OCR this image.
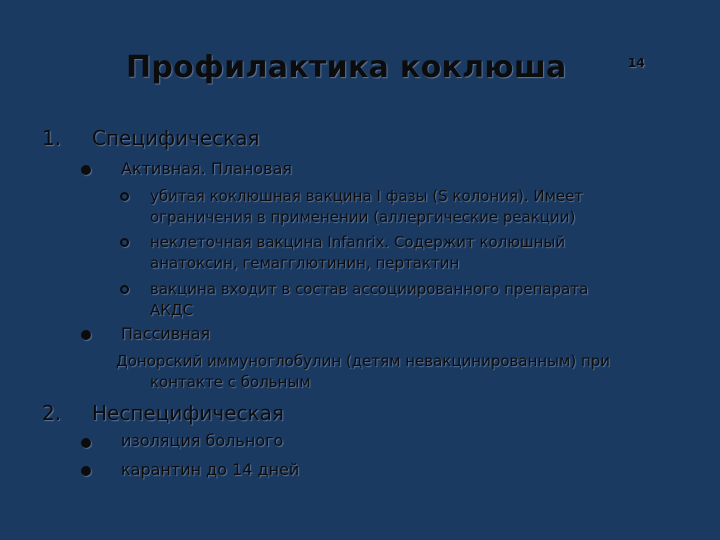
Профилактика коклюша	14
1. Специфическая
Активная. Плановая
убитая коклюшная вакцина I фазы (S колония). Имеет
ограничения в применении (аллергические реакции)
неклеточная вакцина Infanrix. Содержит колюшный
анатоксин, гемагглютинин, пертактин
вакцина входит в состав ассоциированного препарата
АКДС
Пассивная
Донорский иммуноглобулин (детям невакцинированным) при
контакте с больным
2. Неспецифическая
изоляция больного
карантин до 14 дней
